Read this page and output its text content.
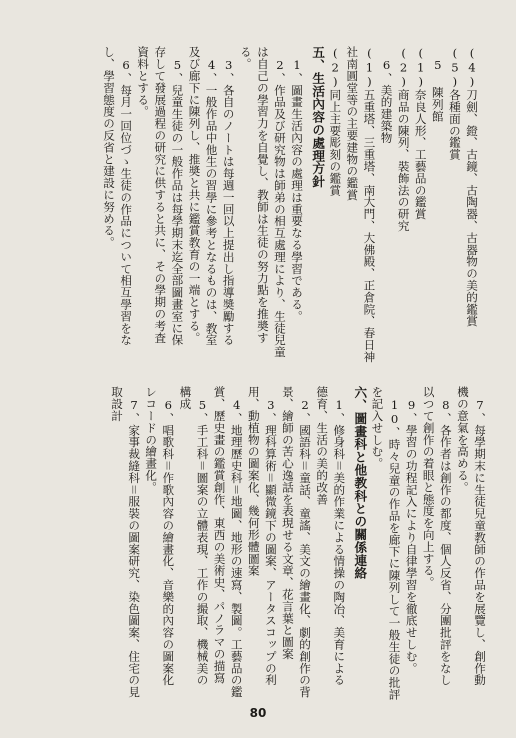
(4)刀劍、鐙、古鏡、古陶器、古器物の美的鑑賞
(5)各種面の鑑賞
　5 陳列館
(1)奈良人形、工藝品の鑑賞
(2)商品の陳列、裝飾法の研究
　6、美的建築物
(1)五重塔、三重塔、南大門、大佛殿、正倉院、春日神
社南圓堂等の主要建物の鑑賞
(2)同上主要彫刻の鑑賞
五、生活內容の處理方針
　1、圖畫生活內容の處理は重要なる學習である。
　2、作品及び研究物は師弟の相互處理により、生徒兒童
は自己の學習力を自覺し、教師は生徒の努力點を推奬す
る。
　3、各自のノートは每週一回以上提出し指導奬勵する
　4、一般作品中他生の習學に參考となるものは、教室
及び廊下に陳列し、推奬と共に鑑賞教育の一端とする。
　5、兒童生徒の一般作品は每學期末迄全部圖畫室に保
存して發展過程の研究に供すると共に、その學期の考査
資料とする。
　6、每月一回位づゝ生徒の作品について相互學習をな
し、學習態度の反省と建設に努める。
　7、每學期末に生徒兒童教師の作品を展覽し、創作動
機の意氣を高める。
　8、各作者は創作の都度、個人反省、分團批評をなし
以つて創作の着眼と態度を向上する。
　9、學習の功程記入により自律學習を徹底せしむ。
　10、時々兒童の作品を廊下に陳列して一般生徒の批評
を記入せしむ。
六、圖畫科と他教科との關係連絡
　1、修身科＝美的作業による情操の陶冶、美育による
德育、生活の美的改善
　2、國語科＝童話、童謠、美文の繪畫化、劇的創作の背
景、繪師の苦心逸話を表現せる文章、花言葉と圖案
　3、理科算術＝顯微鏡下の圖案、アータスコップの利
用、動植物の圖案化、幾何形體圖案
　4、地理歷史科＝地圖、地形の速寫、製圖。工藝品の鑑
賞、歷史畫の鑑賞創作、東西の美術史、パノラマの描寫
　5、手工科＝圖案の立體表現、工作の撮取、機械美の
構成
　6、唱歌科＝作歌內容の繪畫化、音樂的內容の圖案化
レコードの繪畫化。
　7、家事裁縫科＝服裝の圖案研究、染色圖案、住宅の見
取設計
80
